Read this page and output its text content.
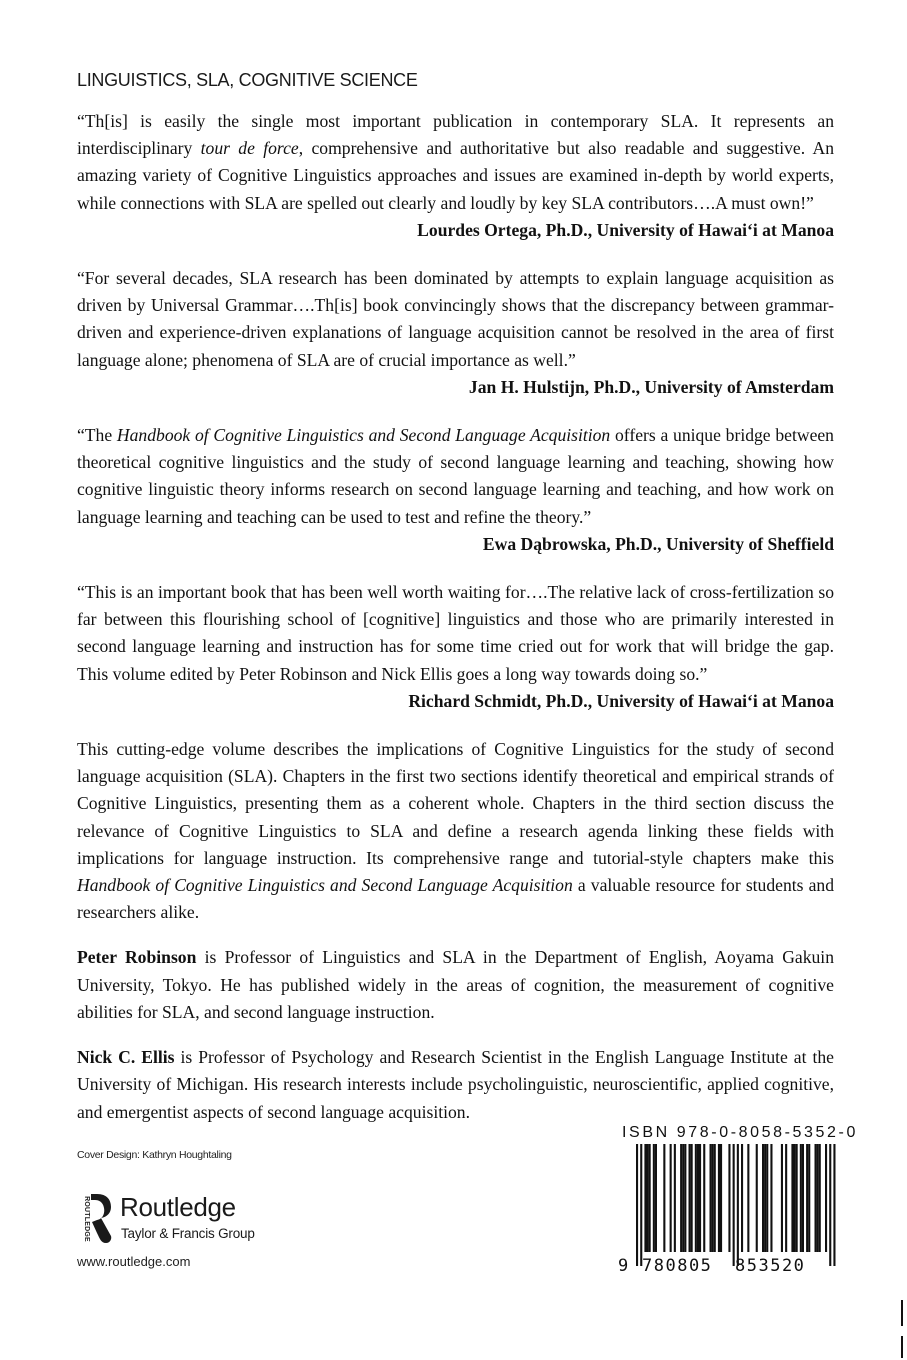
LINGUISTICS, SLA, COGNITIVE SCIENCE

“Th[is] is easily the single most important publication in contemporary SLA. It represents an interdisciplinary tour de force, comprehensive and authoritative but also readable and suggestive. An amazing variety of Cognitive Linguistics approaches and issues are examined in-depth by world experts, while connections with SLA are spelled out clearly and loudly by key SLA contributors….A must own!”

Lourdes Ortega, Ph.D., University of Hawai‘i at Manoa

“For several decades, SLA research has been dominated by attempts to explain language acquisition as driven by Universal Grammar….Th[is] book convincingly shows that the discrepancy between grammar-driven and experience-driven explanations of language acquisition cannot be resolved in the area of first language alone; phenomena of SLA are of crucial importance as well.”

Jan H. Hulstijn, Ph.D., University of Amsterdam

“The Handbook of Cognitive Linguistics and Second Language Acquisition offers a unique bridge between theoretical cognitive linguistics and the study of second language learning and teaching, showing how cognitive linguistic theory informs research on second language learning and teaching, and how work on language learning and teaching can be used to test and refine the theory.”

Ewa Dąbrowska, Ph.D., University of Sheffield

“This is an important book that has been well worth waiting for….The relative lack of cross-fertilization so far between this flourishing school of [cognitive] linguistics and those who are primarily interested in second language learning and instruction has for some time cried out for work that will bridge the gap. This volume edited by Peter Robinson and Nick Ellis goes a long way towards doing so.”

Richard Schmidt, Ph.D., University of Hawai‘i at Manoa

This cutting-edge volume describes the implications of Cognitive Linguistics for the study of second language acquisition (SLA). Chapters in the first two sections identify theoretical and empirical strands of Cognitive Linguistics, presenting them as a coherent whole. Chapters in the third section discuss the relevance of Cognitive Linguistics to SLA and define a research agenda linking these fields with implications for language instruction. Its comprehensive range and tutorial-style chapters make this Handbook of Cognitive Linguistics and Second Language Acquisition a valuable resource for students and researchers alike.

Peter Robinson is Professor of Linguistics and SLA in the Department of English, Aoyama Gakuin University, Tokyo. He has published widely in the areas of cognition, the measurement of cognitive abilities for SLA, and second language instruction.

Nick C. Ellis is Professor of Psychology and Research Scientist in the English Language Institute at the University of Michigan. His research interests include psycholinguistic, neuroscientific, applied cognitive, and emergentist aspects of second language acquisition.

Cover Design: Kathryn Houghtaling
ROUTLEDGE Routledge
Taylor & Francis Group
www.routledge.com
ISBN 978-0-8058-5352-0
9 780805 853520
